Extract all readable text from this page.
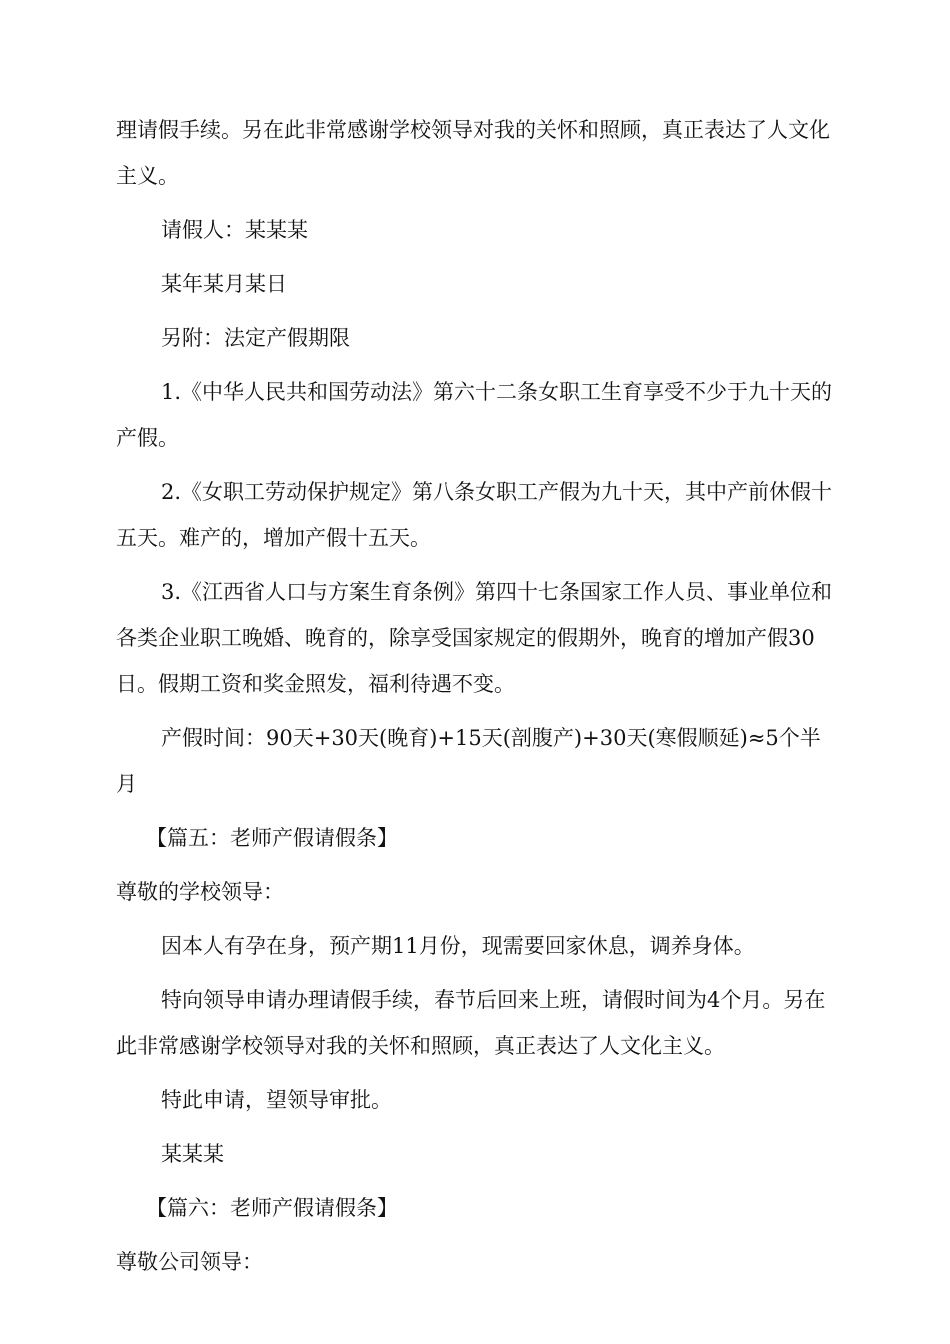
理请假手续。另在此非常感谢学校领导对我的关怀和照顾，真正表达了人文化主义。

请假人：某某某

某年某月某日

另附：法定产假期限

1.《中华人民共和国劳动法》第六十二条女职工生育享受不少于九十天的产假。

2.《女职工劳动保护规定》第八条女职工产假为九十天，其中产前休假十五天。难产的，增加产假十五天。

3.《江西省人口与方案生育条例》第四十七条国家工作人员、事业单位和各类企业职工晚婚、晚育的，除享受国家规定的假期外，晚育的增加产假30日。假期工资和奖金照发，福利待遇不变。

产假时间：90天+30天(晚育)+15天(剖腹产)+30天(寒假顺延)≈5个半月

【篇五：老师产假请假条】

尊敬的学校领导：

因本人有孕在身，预产期11月份，现需要回家休息，调养身体。

特向领导申请办理请假手续，春节后回来上班，请假时间为4个月。另在此非常感谢学校领导对我的关怀和照顾，真正表达了人文化主义。

特此申请，望领导审批。

某某某

【篇六：老师产假请假条】

尊敬公司领导：
